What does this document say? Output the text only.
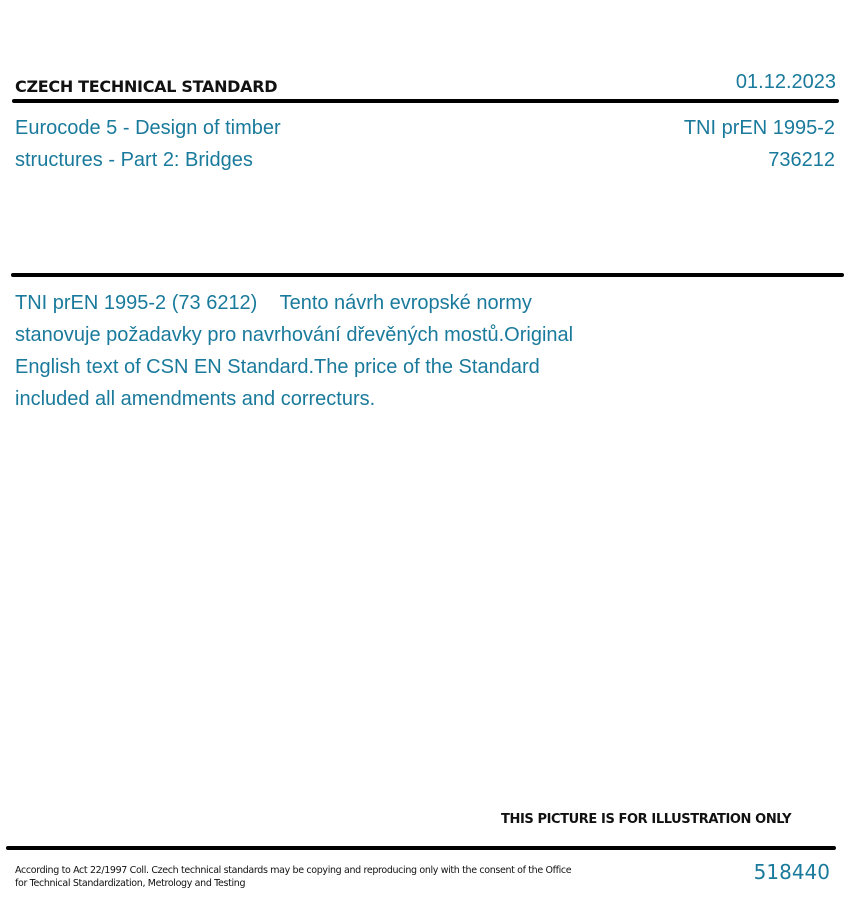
CZECH TECHNICAL STANDARD	01.12.2023
Eurocode 5 - Design of timber
structures - Part 2: Bridges
TNI prEN 1995-2
736212
TNI prEN 1995-2 (73 6212)    Tento návrh evropské normy
stanovuje požadavky pro navrhování dřevěných mostů.Original
English text of CSN EN Standard.The price of the Standard
included all amendments and correcturs.
THIS PICTURE IS FOR ILLUSTRATION ONLY
According to Act 22/1997 Coll. Czech technical standards may be copying and reproducing only with the consent of the Office
for Technical Standardization, Metrology and Testing	518440
